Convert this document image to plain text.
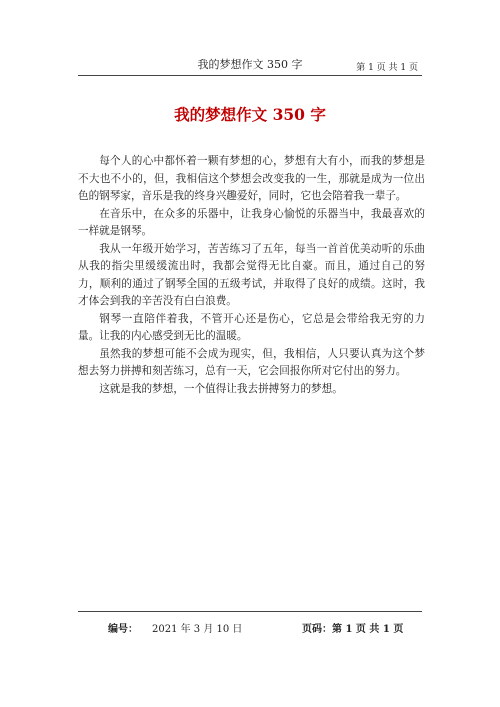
我的梦想作文 350 字	第 1 页 共 1 页
我的梦想作文 350 字

每个人的心中都怀着一颗有梦想的心，梦想有大有小，而我的梦想是不大也不小的，但，我相信这个梦想会改变我的一生，那就是成为一位出色的钢琴家，音乐是我的终身兴趣爱好，同时，它也会陪着我一辈子。

在音乐中，在众多的乐器中，让我身心愉悦的乐器当中，我最喜欢的一样就是钢琴。

我从一年级开始学习，苦苦练习了五年，每当一首首优美动听的乐曲从我的指尖里缓缓流出时，我都会觉得无比自豪。而且，通过自己的努力，顺利的通过了钢琴全国的五级考试，并取得了良好的成绩。这时，我才体会到我的辛苦没有白白浪费。

钢琴一直陪伴着我，不管开心还是伤心，它总是会带给我无穷的力量。让我的内心感受到无比的温暖。

虽然我的梦想可能不会成为现实，但，我相信，人只要认真为这个梦想去努力拼搏和刻苦练习，总有一天，它会回报你所对它付出的努力。

这就是我的梦想，一个值得让我去拼搏努力的梦想。

编号： 2021 年 3 月 10 日	页码：第 1 页 共 1 页
